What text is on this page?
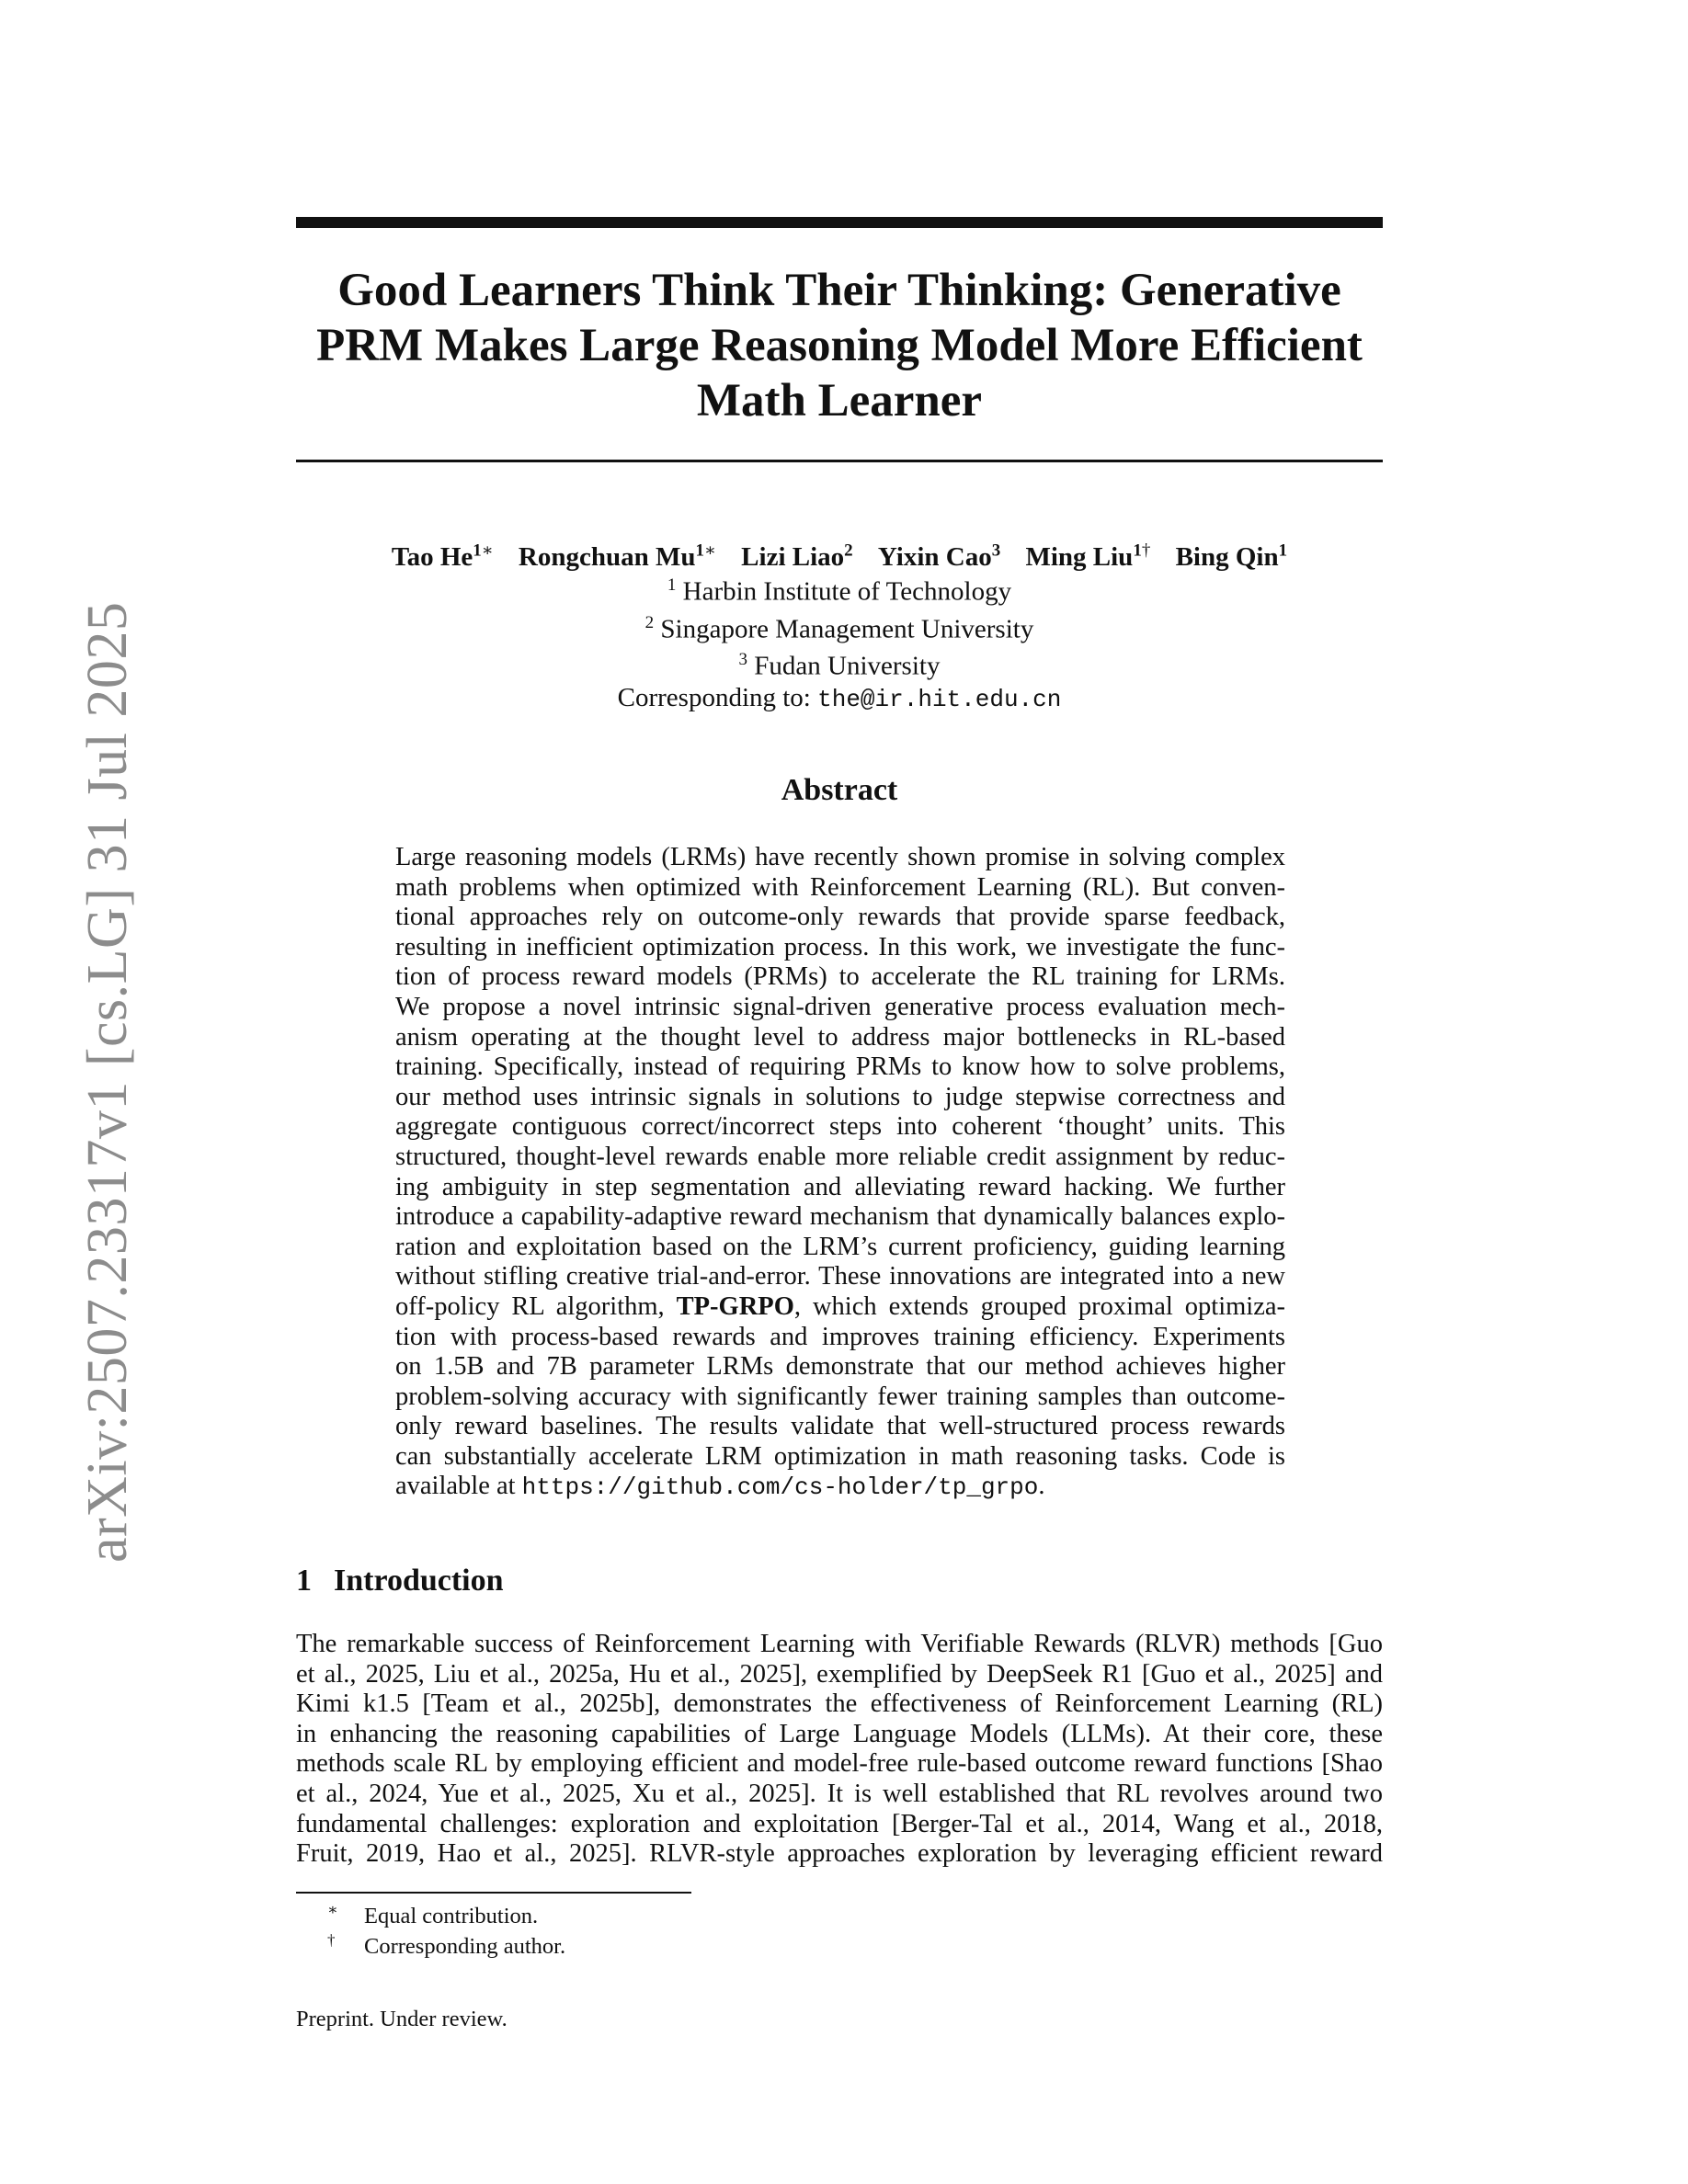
arXiv:2507.23317v1 [cs.LG] 31 Jul 2025
Good Learners Think Their Thinking: Generative
PRM Makes Large Reasoning Model More Efficient
Math Learner
Tao $He^{1∗}$ Rongchuan $Mu^{1∗}$ Lizi Liao$^2$ Yixin Cao$^3$ Ming Liu$^{1\dagger}$ Bing Qin$^1$
$^1$ Harbin Institute of Technology
$^2$ Singapore Management University
$^3$ Fudan University
Corresponding to: the@ir.hit.edu.cn
Abstract
Large reasoning models (LRMs) have recently shown promise in solving complex
math problems when optimized with Reinforcement Learning (RL). But conven-
tional approaches rely on outcome-only rewards that provide sparse feedback,
resulting in inefficient optimization process. In this work, we investigate the func-
tion of process reward models (PRMs) to accelerate the RL training for LRMs.
We propose a novel intrinsic signal-driven generative process evaluation mech-
anism operating at the thought level to address major bottlenecks in RL-based
training. Specifically, instead of requiring PRMs to know how to solve problems,
our method uses intrinsic signals in solutions to judge stepwise correctness and
aggregate contiguous correct/incorrect steps into coherent ‘thought’ units. This
structured, thought-level rewards enable more reliable credit assignment by reduc-
ing ambiguity in step segmentation and alleviating reward hacking. We further
introduce a capability-adaptive reward mechanism that dynamically balances explo-
ration and exploitation based on the LRM’s current proficiency, guiding learning
without stifling creative trial-and-error. These innovations are integrated into a new
off-policy RL algorithm, TP-GRPO, which extends grouped proximal optimiza-
tion with process-based rewards and improves training efficiency. Experiments
on 1.5B and 7B parameter LRMs demonstrate that our method achieves higher
problem-solving accuracy with significantly fewer training samples than outcome-
only reward baselines. The results validate that well-structured process rewards
can substantially accelerate LRM optimization in math reasoning tasks. Code is
available at https://github.com/cs-holder/tp_grpo.
1 Introduction
The remarkable success of Reinforcement Learning with Verifiable Rewards (RLVR) methods [Guo
et al., 2025, Liu et al., 2025a, Hu et al., 2025], exemplified by DeepSeek R1 [Guo et al., 2025] and
Kimi k1.5 [Team et al., 2025b], demonstrates the effectiveness of Reinforcement Learning (RL)
in enhancing the reasoning capabilities of Large Language Models (LLMs). At their core, these
methods scale RL by employing efficient and model-free rule-based outcome reward functions [Shao
et al., 2024, Yue et al., 2025, Xu et al., 2025]. It is well established that RL revolves around two
fundamental challenges: exploration and exploitation [Berger-Tal et al., 2014, Wang et al., 2018,
Fruit, 2019, Hao et al., 2025]. RLVR-style approaches exploration by leveraging efficient reward
∗ Equal contribution.
† Corresponding author.
Preprint. Under review.
